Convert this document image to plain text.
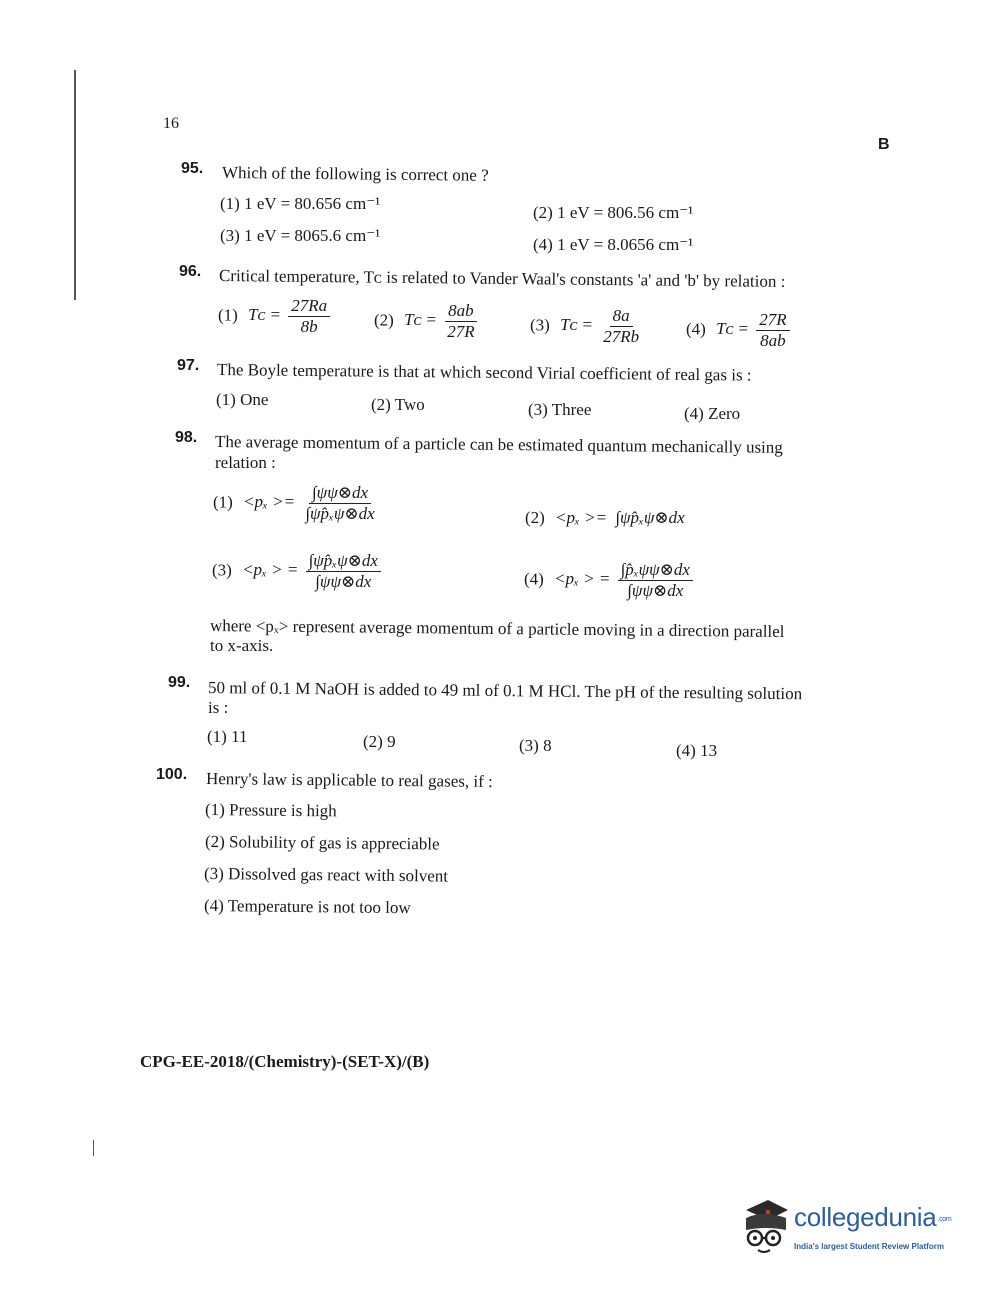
16
B
95. Which of the following is correct one ?
(1) 1 eV = 80.656 cm⁻¹	(2) 1 eV = 806.56 cm⁻¹
(3) 1 eV = 8065.6 cm⁻¹	(4) 1 eV = 8.0656 cm⁻¹
96. Critical temperature, Tᴄ is related to Vander Waal's constants 'a' and 'b' by relation :
(1) Tᴄ = $\frac{27Ra}{8b}$	(2) Tᴄ = $\frac{8ab}{27R}$	(3) Tᴄ = $\frac{8a}{27Rb}$	(4) Tᴄ = $\frac{27R}{8ab}$
97. The Boyle temperature is that at which second Virial coefficient of real gas is :
(1) One	(2) Two	(3) Three	(4) Zero
98. The average momentum of a particle can be estimated quantum mechanically using
relation :
$(1) <p_x >= \frac{\int\psi\psi\otimes dx}{\text{∫ψp̂ₓψ⊗dx}}$	(2) <pₓ >= ∫ψp̂ₓψ⊗dx
(3) <pₓ > = $\frac{\text{∫ψp̂ₓψ⊗dx}}{\int\psi\psi\otimes dx}$	(4) <pₓ > = $\frac{\text{∫p̂ₓψψ⊗dx}}{\int\psi\psi\otimes dx}$
where <pₓ> represent average momentum of a particle moving in a direction parallel
to x-axis.
99. 50 ml of 0.1 M NaOH is added to 49 ml of 0.1 M HCl. The pH of the resulting solution
is :
(1) 11	(2) 9	(3) 8	(4) 13
100. Henry's law is applicable to real gases, if :
(1) Pressure is high
(2) Solubility of gas is appreciable
(3) Dissolved gas react with solvent
(4) Temperature is not too low
CPG-EE-2018/(Chemistry)-(SET-X)/(B)
collegedunia.com
India's largest Student Review Platform
